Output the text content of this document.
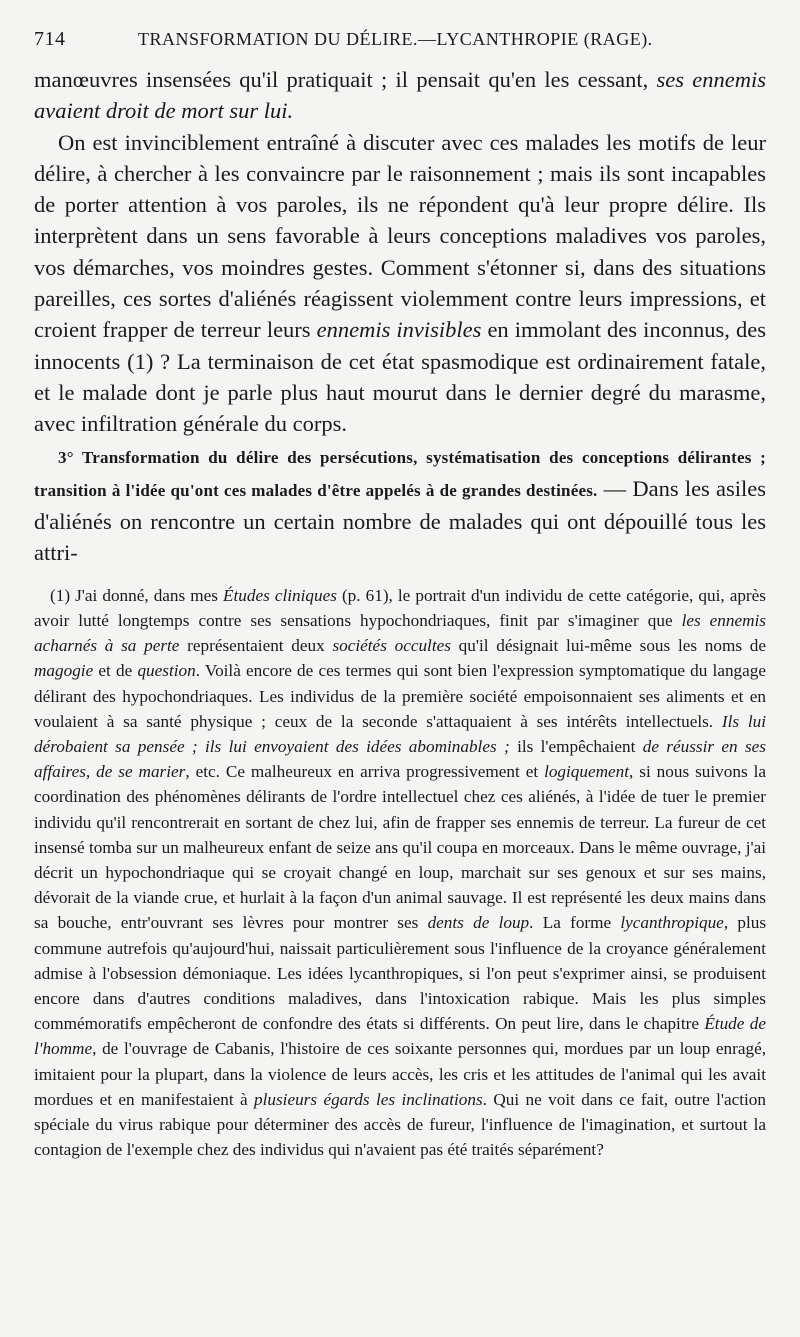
714	TRANSFORMATION DU DÉLIRE.—LYCANTHROPIE (RAGE).

manœuvres insensées qu'il pratiquait ; il pensait qu'en les cessant, ses ennemis avaient droit de mort sur lui.

On est invinciblement entraîné à discuter avec ces malades les motifs de leur délire, à chercher à les convaincre par le raisonnement ; mais ils sont incapables de porter attention à vos paroles, ils ne répondent qu'à leur propre délire. Ils interprètent dans un sens favorable à leurs conceptions maladives vos paroles, vos démarches, vos moindres gestes. Comment s'étonner si, dans des situations pareilles, ces sortes d'aliénés réagissent violemment contre leurs impressions, et croient frapper de terreur leurs ennemis invisibles en immolant des inconnus, des innocents (1) ? La terminaison de cet état spasmodique est ordinairement fatale, et le malade dont je parle plus haut mourut dans le dernier degré du marasme, avec infiltration générale du corps.

3° Transformation du délire des persécutions, systématisation des conceptions délirantes ; transition à l'idée qu'ont ces malades d'être appelés à de grandes destinées. — Dans les asiles d'aliénés on rencontre un certain nombre de malades qui ont dépouillé tous les attri-

(1) J'ai donné, dans mes Études cliniques (p. 61), le portrait d'un individu de cette catégorie, qui, après avoir lutté longtemps contre ses sensations hypochondriaques, finit par s'imaginer que les ennemis acharnés à sa perte représentaient deux sociétés occultes qu'il désignait lui-même sous les noms de magogie et de question. Voilà encore de ces termes qui sont bien l'expression symptomatique du langage délirant des hypochondriaques. Les individus de la première société empoisonnaient ses aliments et en voulaient à sa santé physique ; ceux de la seconde s'attaquaient à ses intérêts intellectuels. Ils lui dérobaient sa pensée ; ils lui envoyaient des idées abominables ; ils l'empêchaient de réussir en ses affaires, de se marier, etc. Ce malheureux en arriva progressivement et logiquement, si nous suivons la coordination des phénomènes délirants de l'ordre intellectuel chez ces aliénés, à l'idée de tuer le premier individu qu'il rencontrerait en sortant de chez lui, afin de frapper ses ennemis de terreur. La fureur de cet insensé tomba sur un malheureux enfant de seize ans qu'il coupa en morceaux. Dans le même ouvrage, j'ai décrit un hypochondriaque qui se croyait changé en loup, marchait sur ses genoux et sur ses mains, dévorait de la viande crue, et hurlait à la façon d'un animal sauvage. Il est représenté les deux mains dans sa bouche, entr'ouvrant ses lèvres pour montrer ses dents de loup. La forme lycanthropique, plus commune autrefois qu'aujourd'hui, naissait particulièrement sous l'influence de la croyance généralement admise à l'obsession démoniaque. Les idées lycanthropiques, si l'on peut s'exprimer ainsi, se produisent encore dans d'autres conditions maladives, dans l'intoxication rabique. Mais les plus simples commémoratifs empêcheront de confondre des états si différents. On peut lire, dans le chapitre Étude de l'homme, de l'ouvrage de Cabanis, l'histoire de ces soixante personnes qui, mordues par un loup enragé, imitaient pour la plupart, dans la violence de leurs accès, les cris et les attitudes de l'animal qui les avait mordues et en manifestaient à plusieurs égards les inclinations. Qui ne voit dans ce fait, outre l'action spéciale du virus rabique pour déterminer des accès de fureur, l'influence de l'imagination, et surtout la contagion de l'exemple chez des individus qui n'avaient pas été traités séparément?
